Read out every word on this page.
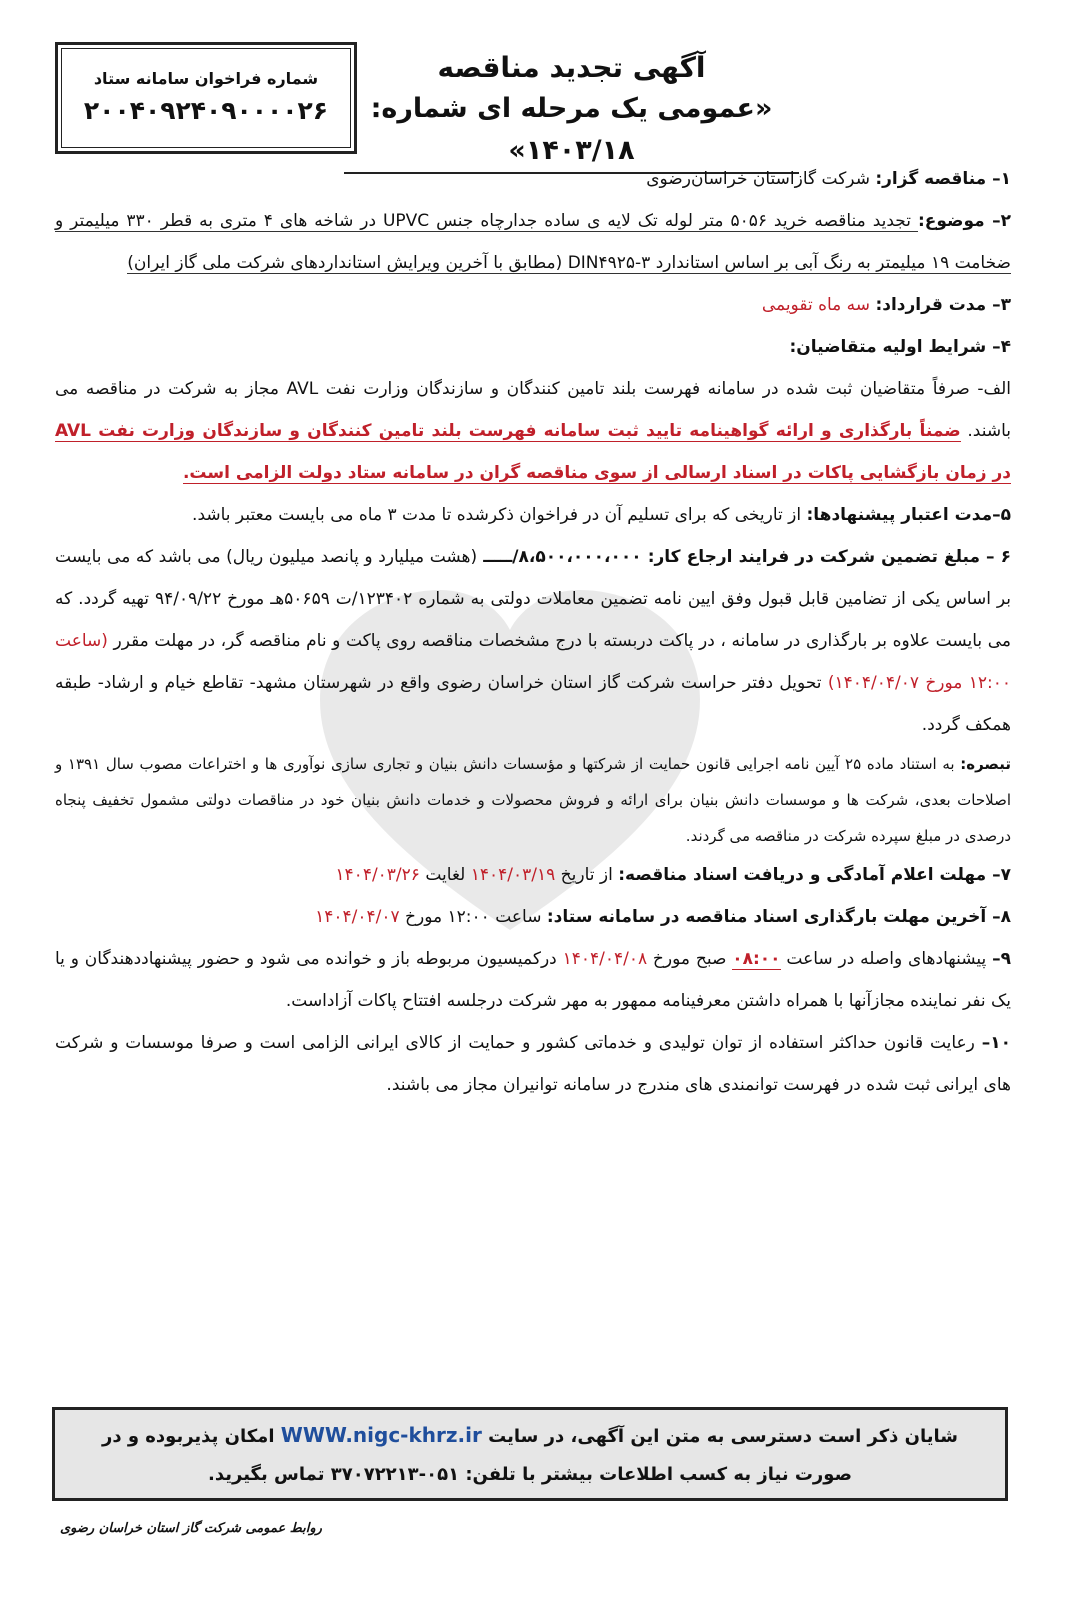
آگهی تجدید مناقصه
«عمومی یک مرحله ای شماره: ۱۴۰۳/۱۸»
شماره فراخوان سامانه ستاد
۲۰۰۴۰۹۲۴۰۹۰۰۰۰۲۶

۱– مناقصه گزار: شرکت گازاستان خراسان‌رضوی

۲– موضوع: تجدید مناقصه خرید ۵۰۵۶ متر لوله تک لایه ی ساده جدارچاه جنس UPVC در شاخه های ۴ متری به قطر ۳۳۰ میلیمتر و ضخامت ۱۹ میلیمتر به رنگ آبی بر اساس استاندارد DIN۴۹۲۵-۳ (مطابق با آخرین ویرایش استانداردهای شرکت ملی گاز ایران)

۳– مدت قرارداد: سه ماه تقویمی

۴– شرایط اولیه متقاضیان:

الف- صرفاً متقاضیان ثبت شده در سامانه فهرست بلند تامین کنندگان و سازندگان وزارت نفت AVL مجاز به شرکت در مناقصه می باشند. ضمناً بارگذاری و ارائه گواهینامه تایید ثبت سامانه فهرست بلند تامین کنندگان و سازندگان وزارت نفت AVL در زمان بازگشایی پاکات در اسناد ارسالی از سوی مناقصه گران در سامانه ستاد دولت الزامی است.

۵–مدت اعتبار پیشنهادها: از تاریخی که برای تسلیم آن در فراخوان ذکرشده تا مدت ۳ ماه می بایست معتبر باشد.

۶ – مبلغ تضمین شرکت در فرایند ارجاع کار: ۸،۵۰۰،۰۰۰،۰۰۰/ـــــ (هشت میلیارد و پانصد میلیون ریال) می باشد که می بایست بر اساس یکی از تضامین قابل قبول وفق ایین نامه تضمین معاملات دولتی به شماره ۱۲۳۴۰۲/ت ۵۰۶۵۹هـ مورخ ۹۴/۰۹/۲۲ تهیه گردد. که می بایست علاوه بر بارگذاری در سامانه ، در پاکت دربسته با درج مشخصات مناقصه روی پاکت و نام مناقصه گر، در مهلت مقرر (ساعت ۱۲:۰۰ مورخ ۱۴۰۴/۰۴/۰۷) تحویل دفتر حراست شرکت گاز استان خراسان رضوی واقع در شهرستان مشهد- تقاطع خیام و ارشاد- طبقه همکف گردد.

تبصره: به استناد ماده ۲۵ آیین نامه اجرایی قانون حمایت از شرکتها و مؤسسات دانش بنیان و تجاری سازی نوآوری ها و اختراعات مصوب سال ۱۳۹۱ و اصلاحات بعدی، شرکت ها و موسسات دانش بنیان برای ارائه و فروش محصولات و خدمات دانش بنیان خود در مناقصات دولتی مشمول تخفیف پنجاه درصدی در مبلغ سپرده شرکت در مناقصه می گردند.

۷– مهلت اعلام آمادگی و دریافت اسناد مناقصه: از تاریخ ۱۴۰۴/۰۳/۱۹ لغایت ۱۴۰۴/۰۳/۲۶

۸– آخرین مهلت بارگذاری اسناد مناقصه در سامانه ستاد: ساعت ۱۲:۰۰ مورخ ۱۴۰۴/۰۴/۰۷

۹– پیشنهادهای واصله در ساعت ۰۸:۰۰ صبح مورخ ۱۴۰۴/۰۴/۰۸ درکمیسیون مربوطه باز و خوانده می شود و حضور پیشنهاددهندگان و یا یک نفر نماینده مجازآنها با همراه داشتن معرفینامه ممهور به مهر شرکت درجلسه افتتاح پاکات آزاداست.

۱۰– رعایت قانون حداکثر استفاده از توان تولیدی و خدماتی کشور و حمایت از کالای ایرانی الزامی است و صرفا موسسات و شرکت های ایرانی ثبت شده در فهرست توانمندی های مندرج در سامانه توانیران مجاز می باشند.

شایان ذکر است دسترسی به متن این آگهی، در سایت WWW.nigc-khrz.ir امکان پذیربوده و در

صورت نیاز به کسب اطلاعات بیشتر با تلفن: ۰۵۱-۳۷۰۷۲۲۱۳ تماس بگیرید.

روابط عمومی شرکت گاز استان خراسان رضوی
